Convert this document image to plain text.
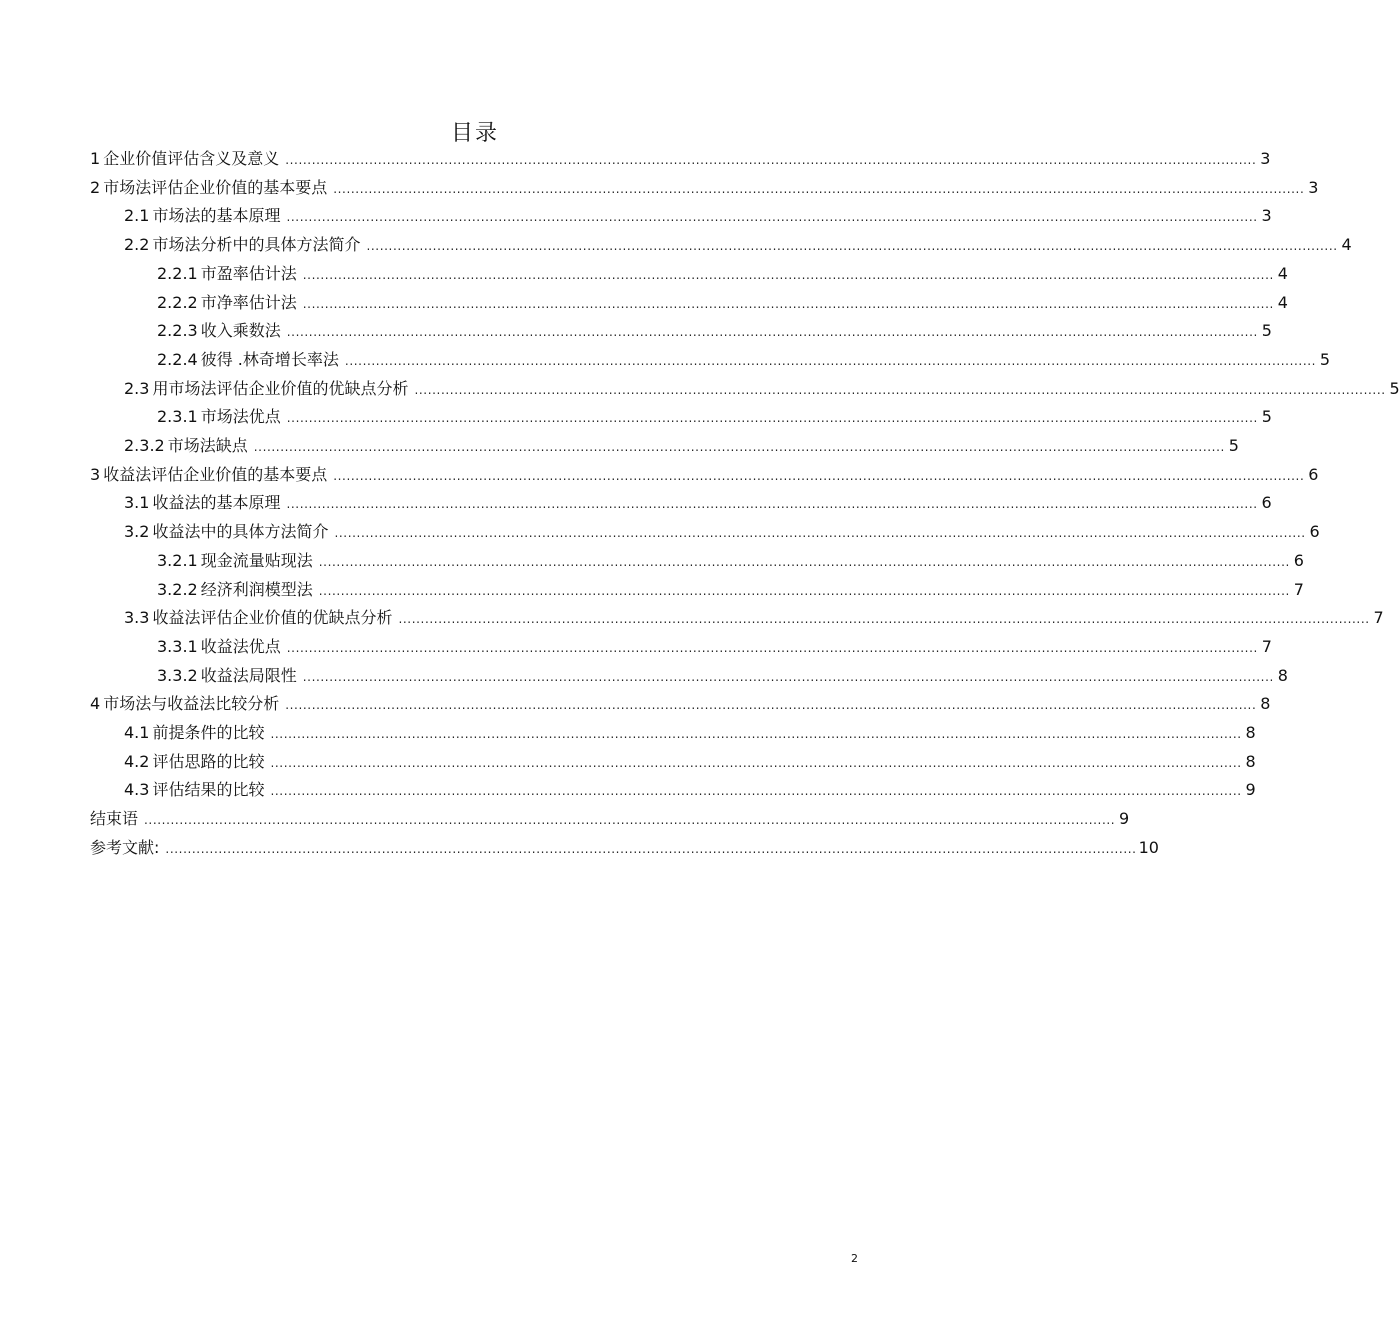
目录
1 企业价值评估含义及意义 ............................................................................................................................................................................................................................ 3
2 市场法评估企业价值的基本要点 ............................................................................................................................................................................................................................ 3
2.1 市场法的基本原理 ............................................................................................................................................................................................................................ 3
2.2 市场法分析中的具体方法简介 ............................................................................................................................................................................................................................ 4
2.2.1 市盈率估计法 ............................................................................................................................................................................................................................ 4
2.2.2 市净率估计法 ............................................................................................................................................................................................................................ 4
2.2.3 收入乘数法 ............................................................................................................................................................................................................................ 5
2.2.4 彼得 .林奇增长率法 ............................................................................................................................................................................................................................ 5
2.3 用市场法评估企业价值的优缺点分析 ............................................................................................................................................................................................................................ 5
2.3.1 市场法优点 ............................................................................................................................................................................................................................ 5
2.3.2 市场法缺点 ............................................................................................................................................................................................................................ 5
3 收益法评估企业价值的基本要点 ............................................................................................................................................................................................................................ 6
3.1 收益法的基本原理 ............................................................................................................................................................................................................................ 6
3.2 收益法中的具体方法简介 ............................................................................................................................................................................................................................ 6
3.2.1 现金流量贴现法 ............................................................................................................................................................................................................................ 6
3.2.2 经济利润模型法 ............................................................................................................................................................................................................................ 7
3.3 收益法评估企业价值的优缺点分析 ............................................................................................................................................................................................................................ 7
3.3.1 收益法优点 ............................................................................................................................................................................................................................ 7
3.3.2 收益法局限性 ............................................................................................................................................................................................................................ 8
4 市场法与收益法比较分析 ............................................................................................................................................................................................................................ 8
4.1 前提条件的比较 ............................................................................................................................................................................................................................ 8
4.2 评估思路的比较 ............................................................................................................................................................................................................................ 8
4.3 评估结果的比较 ............................................................................................................................................................................................................................ 9
结束语 ............................................................................................................................................................................................................................ 9
参考文献: ............................................................................................................................................................................................................................ 10
2
